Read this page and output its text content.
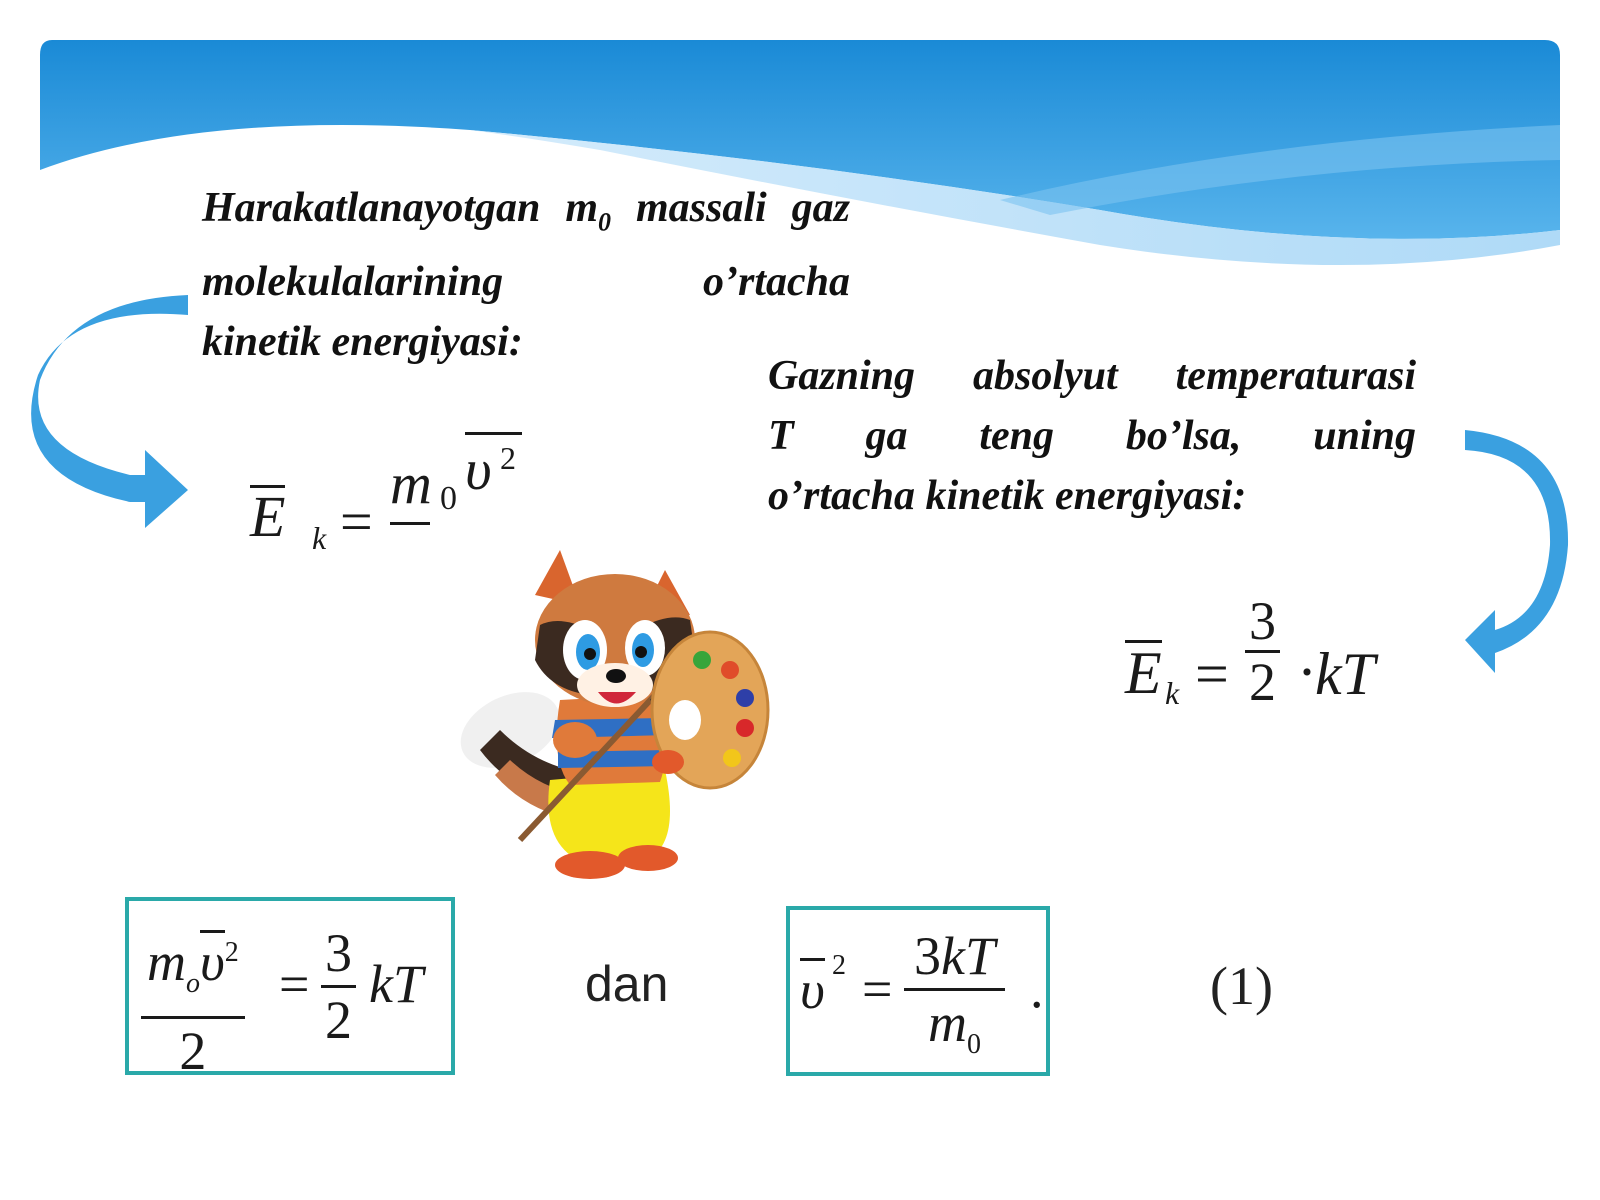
Harakatlanayotgan $m_0$ massali gaz molekulalarining o’rtacha
kinetik energiyasi:
Gazning absolyut temperaturasi
T ga teng bo’lsa, uning
o’rtacha kinetik energiyasi:
E k =
m 0 υ 2
E $k = \frac{3}{2}$ ·
kT
$m_o\upsilon^2$
2
= $\frac{3}{2}$ kT	dan υ $2 = \frac{3kT}{m_0}$ .	(1)
